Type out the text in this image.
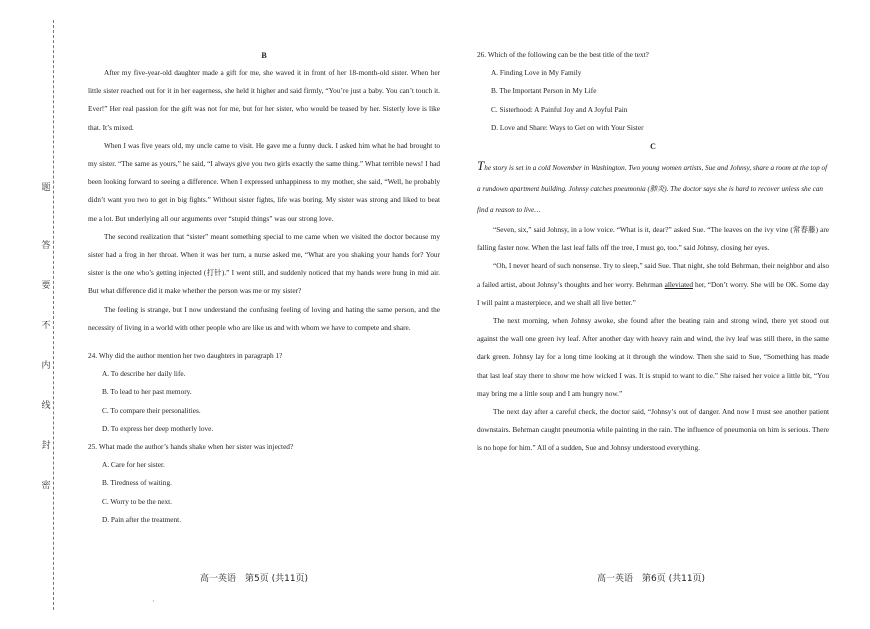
题
答
要
不
内
线
封
密
B

After my five-year-old daughter made a gift for me, she waved it in front of her 18-month-old sister. When her little sister reached out for it in her eagerness, she held it higher and said firmly, “You’re just a baby. You can’t touch it. Ever!” Her real passion for the gift was not for me, but for her sister, who would be teased by her. Sisterly love is like that. It’s mixed.

When I was five years old, my uncle came to visit. He gave me a funny duck. I asked him what he had brought to my sister. “The same as yours,” he said, “I always give you two girls exactly the same thing.” What terrible news! I had been looking forward to seeing a difference. When I expressed unhappiness to my mother, she said, “Well, he probably didn’t want you two to get in big fights.” Without sister fights, life was boring. My sister was strong and liked to beat me a lot. But underlying all our arguments over “stupid things” was our strong love.

The second realization that “sister” meant something special to me came when we visited the doctor because my sister had a frog in her throat. When it was her turn, a nurse asked me, “What are you shaking your hands for? Your sister is the one who’s getting injected (打针).” I went still, and suddenly noticed that my hands were hung in mid air. But what difference did it make whether the person was me or my sister?

The feeling is strange, but I now understand the confusing feeling of loving and hating the same person, and the necessity of living in a world with other people who are like us and with whom we have to compete and share.

24. Why did the author mention her two daughters in paragraph 1?

A. To describe her daily life.

B. To lead to her past memory.

C. To compare their personalities.

D. To express her deep motherly love.

25. What made the author’s hands shake when her sister was injected?

A. Care for her sister.

B. Tiredness of waiting.

C. Worry to be the next.

D. Pain after the treatment.

26. Which of the following can be the best title of the text?

A. Finding Love in My Family

B. The Important Person in My Life

C. Sisterhood: A Painful Joy and A Joyful Pain

D. Love and Share: Ways to Get on with Your Sister

C

The story is set in a cold November in Washington. Two young women artists, Sue and Johnsy, share a room at the top of a rundown apartment building. Johnsy catches pneumonia (肺炎). The doctor says she is hard to recover unless she can find a reason to live…

“Seven, six,” said Johnsy, in a low voice. “What is it, dear?” asked Sue. “The leaves on the ivy vine (常春藤) are falling faster now. When the last leaf falls off the tree, I must go, too.” said Johnsy, closing her eyes.

“Oh, I never heard of such nonsense. Try to sleep,” said Sue. That night, she told Behrman, their neighbor and also a failed artist, about Johnsy’s thoughts and her worry. Behrman alleviated her, “Don’t worry. She will be OK. Some day I will paint a masterpiece, and we shall all live better.”

The next morning, when Johnsy awoke, she found after the beating rain and strong wind, there yet stood out against the wall one green ivy leaf. After another day with heavy rain and wind, the ivy leaf was still there, in the same dark green. Johnsy lay for a long time looking at it through the window. Then she said to Sue, “Something has made that last leaf stay there to show me how wicked I was. It is stupid to want to die.” She raised her voice a little bit, “You may bring me a little soup and I am hungry now.”

The next day after a careful check, the doctor said, “Johnsy’s out of danger. And now I must see another patient downstairs. Behrman caught pneumonia while painting in the rain. The influence of pneumonia on him is serious. There is no hope for him.” All of a sudden, Sue and Johnsy understood everything.

高一英语　第5页 (共11页)	高一英语　第6页 (共11页)
·
